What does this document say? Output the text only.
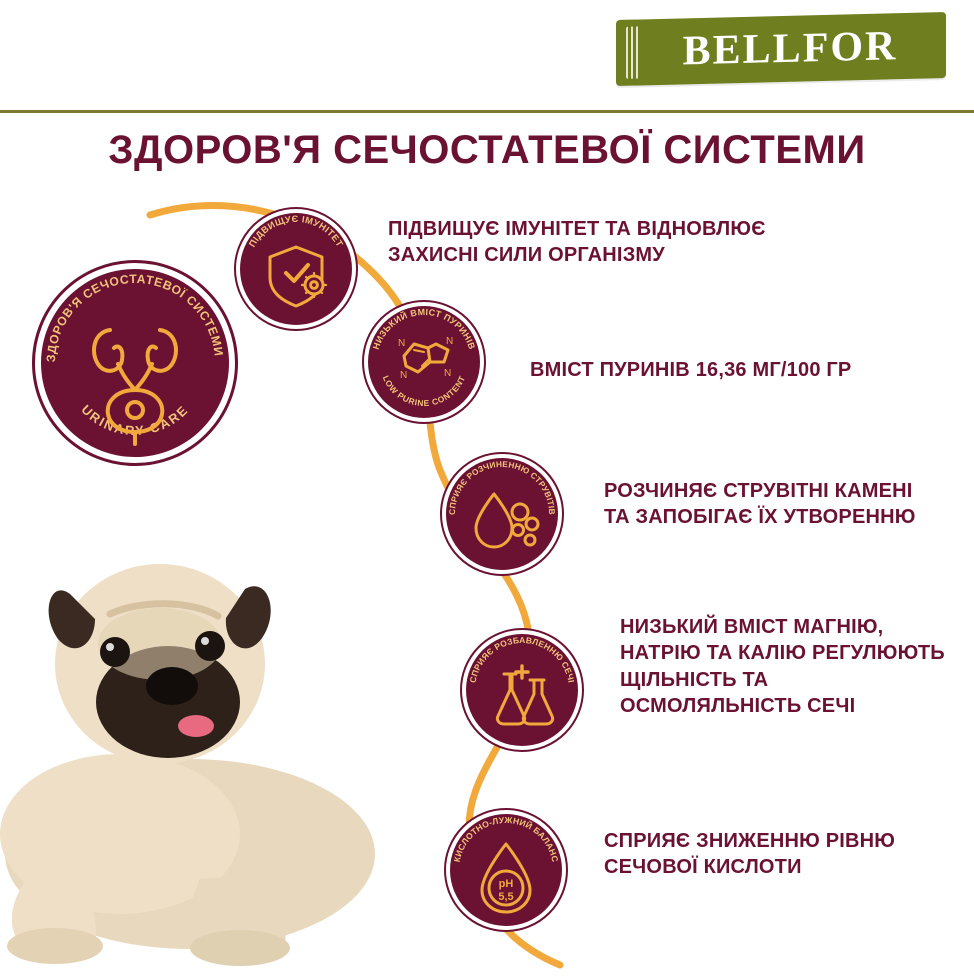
BELLFOR
ЗДОРОВ'Я СЕЧОСТАТЕВОЇ СИСТЕМИ
ЗДОРОВ'Я СЕЧОСТАТЕВОЇ СИСТЕМИ
URINARY CARE
ПІДВИЩУЄ ІМУНІТЕТ
ПІДВИЩУЄ ІМУНІТЕТ ТА ВІДНОВЛЮЄ ЗАХИСНІ СИЛИ ОРГАНІЗМУ
НИЗЬКИЙ ВМІСТ ПУРИНІВ
LOW PURINE CONTENT
N	N
N	N	ВМІСТ ПУРИНІВ 16,36 МГ/100 ГР
СПРИЯЄ РОЗЧИНЕННЮ СТРУВІТІВ
РОЗЧИНЯЄ СТРУВІТНІ КАМЕНІ ТА ЗАПОБІГАЄ ЇХ УТВОРЕННЮ
СПРИЯЄ РОЗБАВЛЕННЮ СЕЧІ
НИЗЬКИЙ ВМІСТ МАГНІЮ, НАТРІЮ ТА КАЛІЮ РЕГУЛЮЮТЬ ЩІЛЬНІСТЬ ТА ОСМОЛЯЛЬНІСТЬ СЕЧІ
КИСЛОТНО-ЛУЖНИЙ БАЛАНС
pH
5,5
СПРИЯЄ ЗНИЖЕННЮ РІВНЮ СЕЧОВОЇ КИСЛОТИ
